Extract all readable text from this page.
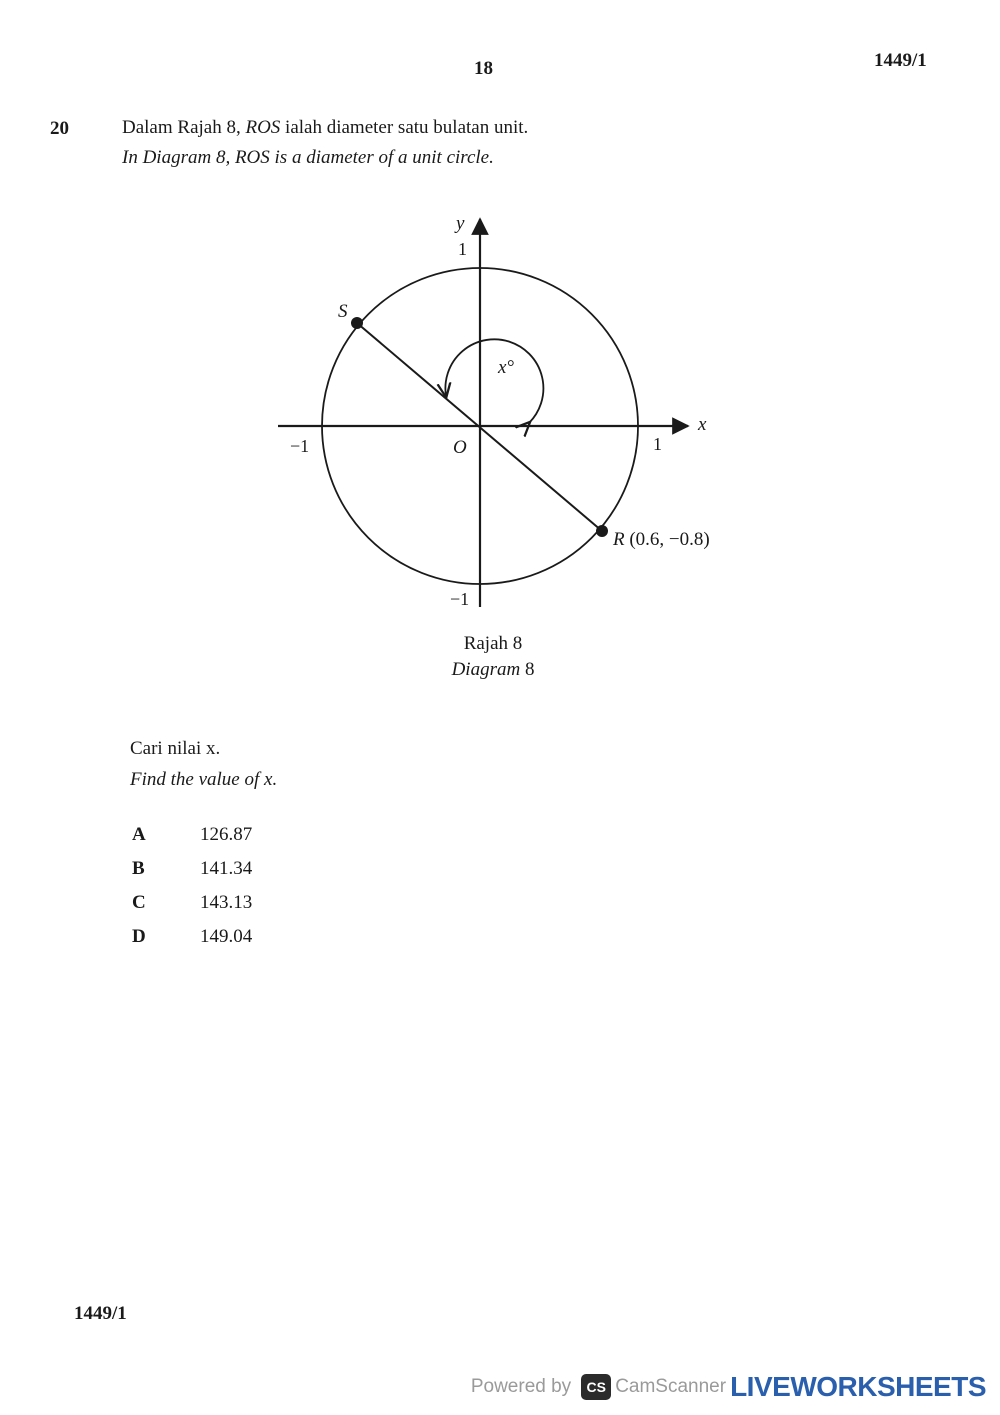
18	1449/1
20	Dalam Rajah 8, ROS ialah diameter satu bulatan unit.
In Diagram 8, ROS is a diameter of a unit circle.
y
1
S
x°
x
−1	O	1
R (0.6, −0.8)
−1
Rajah 8
Diagram 8
Cari nilai x.
Find the value of x.
A	126.87
B	141.34
C	143.13
D	149.04
1449/1
Powered by	CS CamScanner LIVEWORKSHEETS
